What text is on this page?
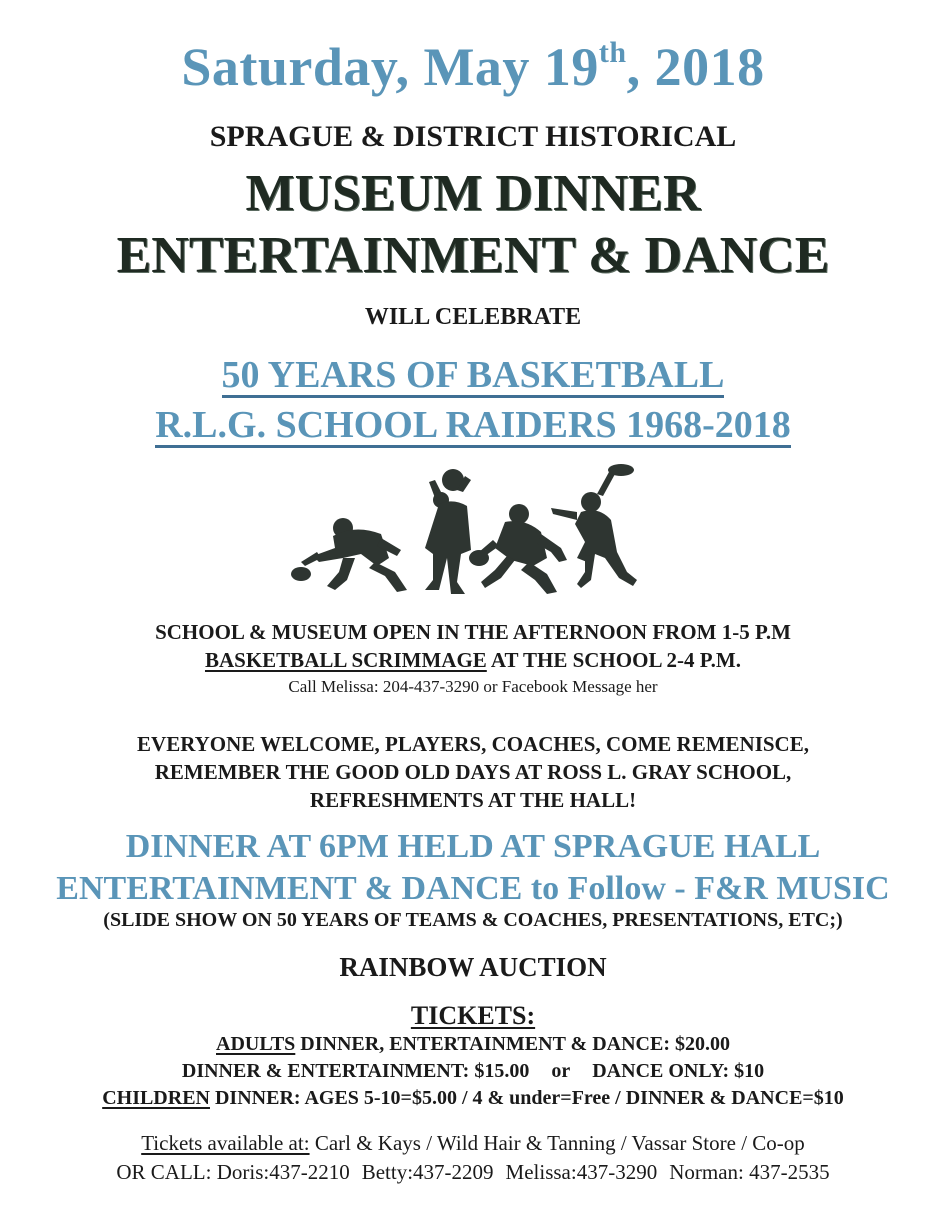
Saturday, May 19th, 2018
SPRAGUE & DISTRICT HISTORICAL
MUSEUM DINNER
ENTERTAINMENT & DANCE
WILL CELEBRATE
50 YEARS OF BASKETBALL
R.L.G. SCHOOL RAIDERS 1968-2018
SCHOOL & MUSEUM OPEN IN THE AFTERNOON FROM 1-5 P.M
BASKETBALL SCRIMMAGE AT THE SCHOOL 2-4 P.M.
Call Melissa: 204-437-3290 or Facebook Message her
EVERYONE WELCOME, PLAYERS, COACHES, COME REMENISCE,
REMEMBER THE GOOD OLD DAYS AT ROSS L. GRAY SCHOOL,
REFRESHMENTS AT THE HALL!
DINNER AT 6PM HELD AT SPRAGUE HALL
ENTERTAINMENT & DANCE to Follow - F&R MUSIC
(SLIDE SHOW ON 50 YEARS OF TEAMS & COACHES, PRESENTATIONS, ETC;)
RAINBOW AUCTION
TICKETS:
ADULTS DINNER, ENTERTAINMENT & DANCE: $20.00
DINNER & ENTERTAINMENT: $15.00 or DANCE ONLY: $10
CHILDREN DINNER: AGES 5-10=$5.00 / 4 & under=Free / DINNER & DANCE=$10
Tickets available at: Carl & Kays / Wild Hair & Tanning / Vassar Store / Co-op
OR CALL: Doris:437-2210 Betty:437-2209 Melissa:437-3290 Norman: 437-2535
